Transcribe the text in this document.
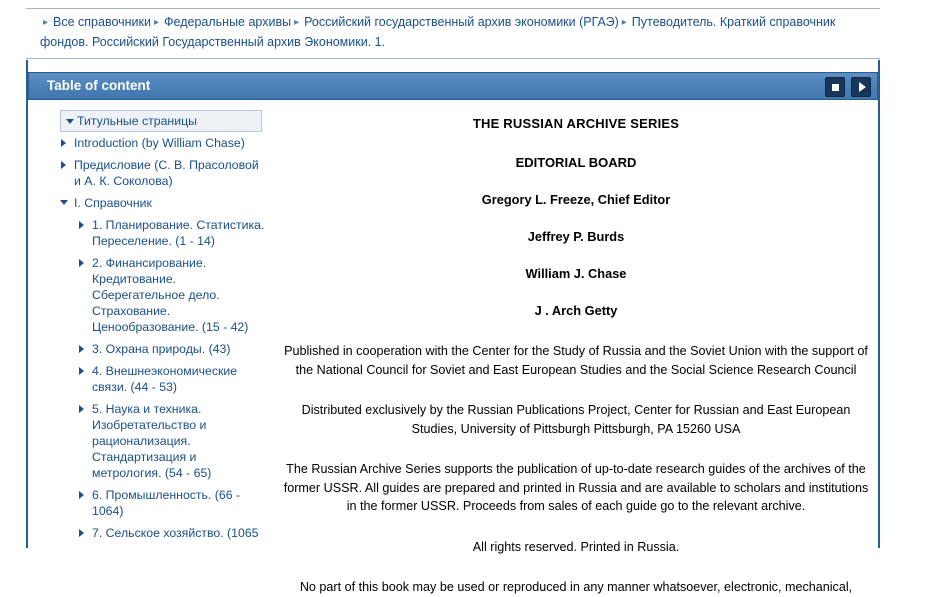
▸ Все справочники ▸ Федеральные архивы ▸ Российский государственный архив экономики (РГАЭ) ▸ Путеводитель. Краткий справочник фондов. Российский Государственный архив Экономики. 1.
Table of content
Титульные страницы
Introduction (by William Chase)
Предисловие (С. В. Прасоловой и А. К. Соколова)
I. Справочник
1. Планирование. Статистика. Переселение. (1 - 14)
2. Финансирование. Кредитование. Сберегательное дело. Страхование. Ценообразование. (15 - 42)
3. Охрана природы. (43)
4. Внешнеэкономические связи. (44 - 53)
5. Наука и техника. Изобретательство и рационализация. Стандартизация и метрология. (54 - 65)
6. Промышленность. (66 - 1064)
7. Сельское хозяйство. (1065
THE RUSSIAN ARCHIVE SERIES
EDITORIAL BOARD
Gregory L. Freeze, Chief Editor
Jeffrey P. Burds
William J. Chase
J . Arch Getty

Published in cooperation with the Center for the Study of Russia and the Soviet Union with the support of the National Council for Soviet and East European Studies and the Social Science Research Council

Distributed exclusively by the Russian Publications Project, Center for Russian and East European Studies, University of Pittsburgh Pittsburgh, PA 15260 USA

The Russian Archive Series supports the publication of up-to-date research guides of the archives of the former USSR. All guides are prepared and printed in Russia and are available to scholars and institutions in the former USSR. Proceeds from sales of each guide go to the relevant archive.

All rights reserved. Printed in Russia.

No part of this book may be used or reproduced in any manner whatsoever, electronic, mechanical,
